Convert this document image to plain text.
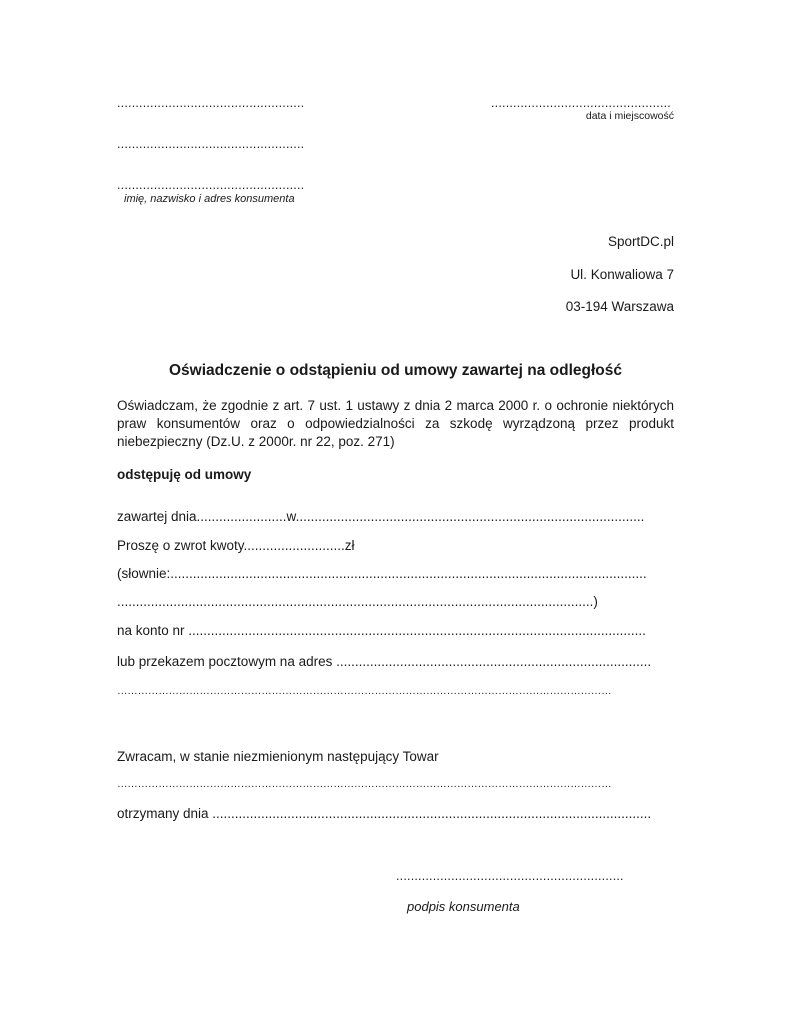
...................................................	.................................................
data i miejscowość
...................................................
...................................................
imię, nazwisko i adres konsumenta
SportDC.pl
Ul. Konwaliowa 7
03-194 Warszawa
Oświadczenie o odstąpieniu od umowy zawartej na odległość
Oświadczam, że zgodnie z art. 7 ust. 1 ustawy z dnia 2 marca 2000 r. o ochronie niektórych praw konsumentów oraz o odpowiedzialności za szkodę wyrządzoną przez produkt niebezpieczny (Dz.U. z 2000r. nr 22, poz. 271)
odstępuję od umowy
zawartej dnia........................w.............................................................................................
Proszę o zwrot kwoty...........................zł
(słownie:...............................................................................................................................
...............................................................................................................................)
na konto nr ..........................................................................................................................
lub przekazem pocztowym na adres ....................................................................................
………………………………………………………………………………………………………………………………
Zwracam, w stanie niezmienionym następujący Towar
………………………………………………………………………………………………………………………………
otrzymany dnia .....................................................................................................................
..............................................................
podpis konsumenta
